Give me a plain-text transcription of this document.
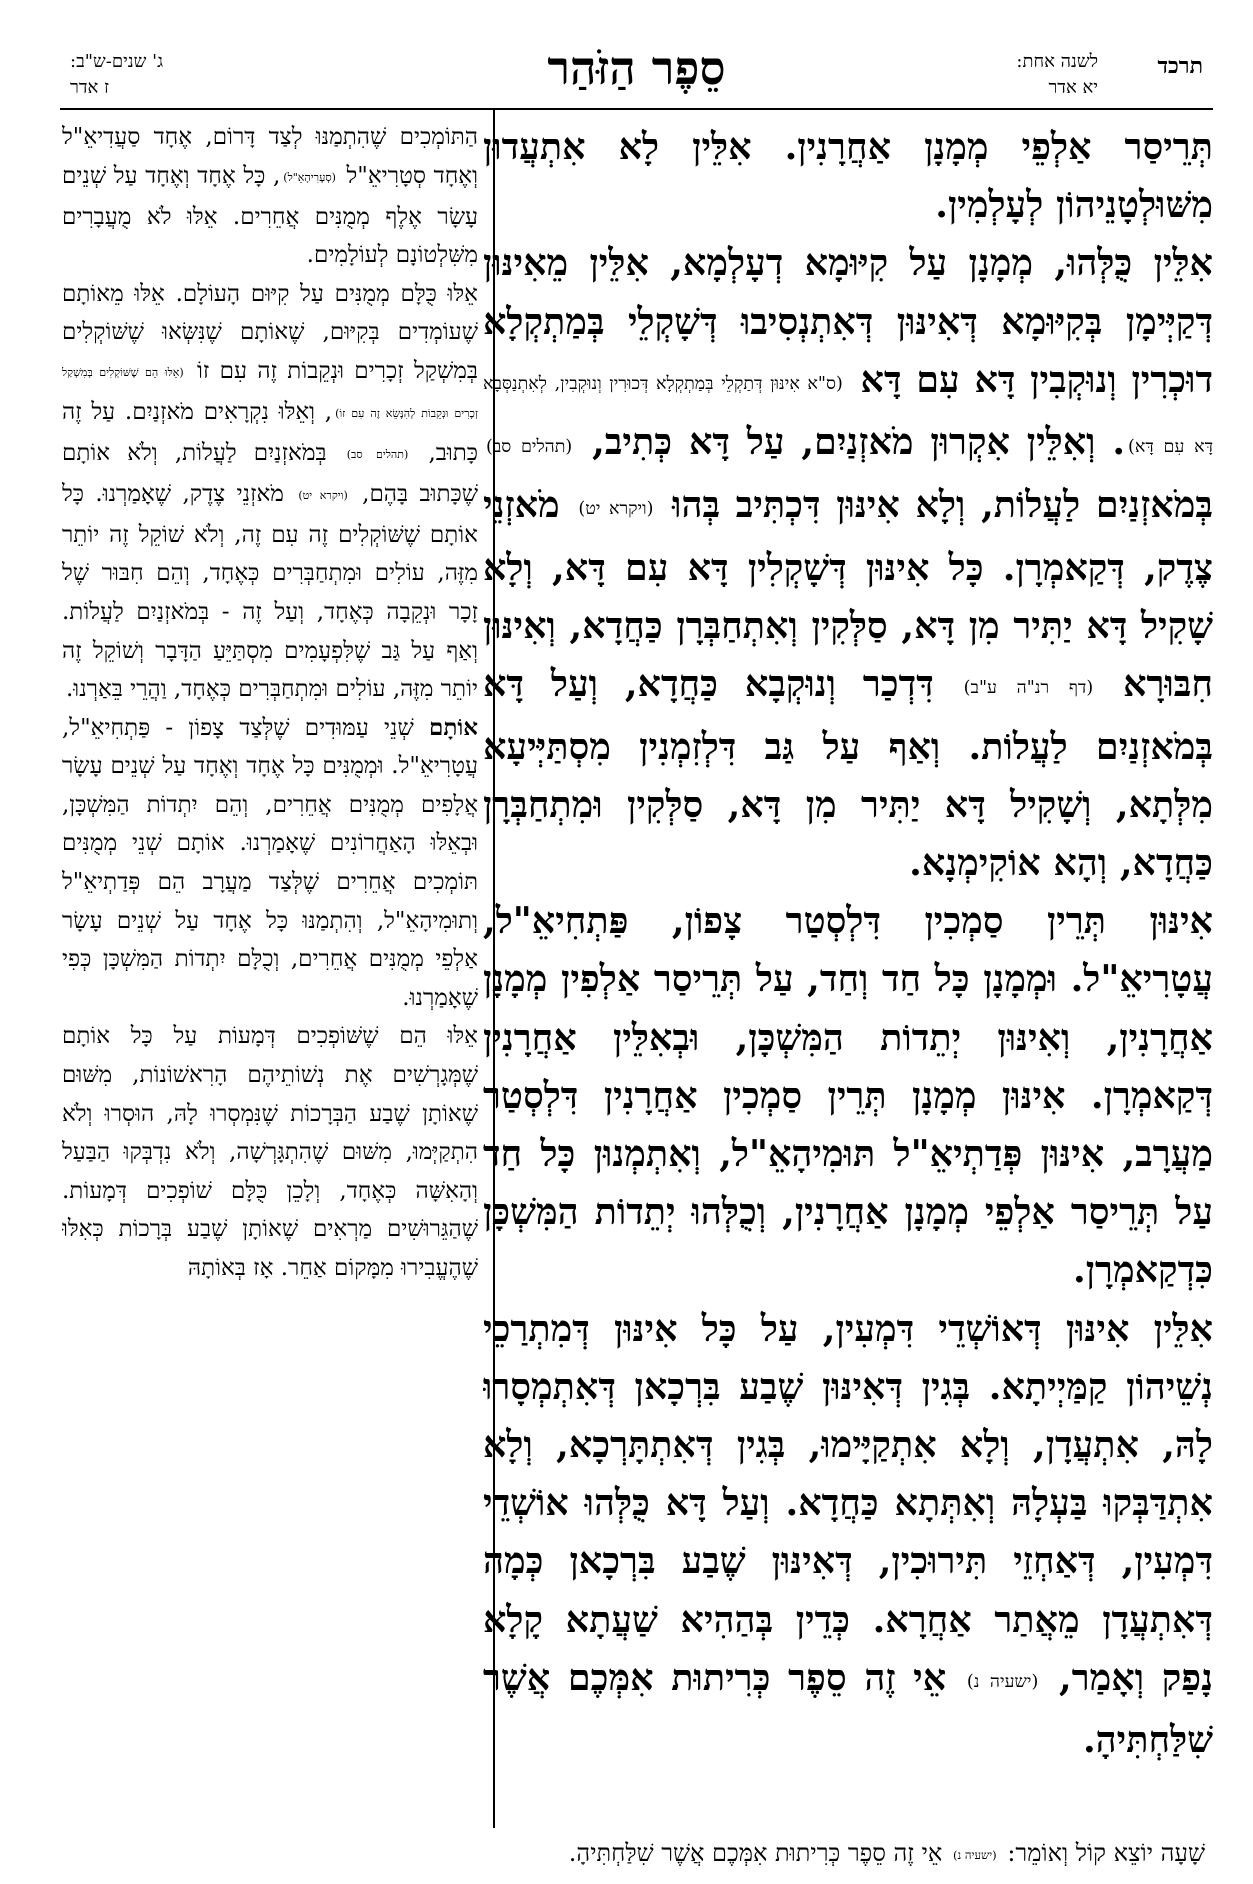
תרכד
לשנה אחת:
יא אדר
סֵפֶר הַזֹּהַר
ג' שנים-ש"ב:
ז אדר

תְּרֵיסַר אַלְפֵי מְמָנָן אַחֲרָנִין. אִלֵּין לָא אִתְעֲדוּן מִשּׁוּלְטָנֵיהוֹן לְעָלְמִין.

אִלֵּין כֻּלְּהוּ, מְמָנָן עַל קִיּוּמָא דְעָלְמָא, אִלֵּין מֵאִינּוּן דְּקַיְּימָן בְּקִיּוּמָא דְּאִינּוּן דְּאִתְנְסִיבוּ דְּשָׁקְלֵי בְּמַתְקְלָא דוּכְרִין וְנוּקְבִין דָּא עִם דָּא (ס"א אִינּוּן דְּתַקְלֵי בְּמַתְקְלָא דְּכוּרִין וְנוּקְבִין, לְאִתְנַסְּבָא דָּא עִם דָּא). וְאִלֵּין אִקְרוּן מֹאזְנַיִם, עַל דָּא כְּתִיב, (תהלים סב) בְּמֹאזְנַיִם לַעֲלוֹת, וְלָא אִינּוּן דִּכְתִּיב בְּהוּ (ויקרא יט) מֹאזְנֵי צֶדֶק, דְּקַאמְרָן. כָּל אִינּוּן דְּשָׁקְלִין דָּא עִם דָּא, וְלָא שָׁקִיל דָּא יַתִּיר מִן דָּא, סַלְּקִין וְאִתְחַבְּרָן כַּחֲדָא, וְאִינּוּן חִבּוּרָא (דף רנ"ה ע"ב) דִּדְכַר וְנוּקְבָא כַּחֲדָא, וְעַל דָּא בְּמֹאזְנַיִם לַעֲלוֹת. וְאַף עַל גַּב דִּלְזִמְנִין מִסְתַּיְּיעָא מִלְּתָא, וְשָׁקִיל דָּא יַתִּיר מִן דָּא, סַלְּקִין וּמִתְחַבְּרָן כַּחֲדָא, וְהָא אוֹקִימְנָא.

אִינּוּן תְּרֵין סַמְכִין דִּלְסְטַר צָפוֹן, פַּתְחִיאֵ"ל, עֲטָרִיאֵ"ל. וּמְמָנָן כָּל חַד וְחַד, עַל תְּרֵיסַר אַלְפִין מְמָנָן אַחֲרָנִין, וְאִינּוּן יְתֵדוֹת הַמִּשְׁכָּן, וּבְאִלֵּין אַחֲרָנִין דְּקַאמְרָן. אִינּוּן מְמָנָן תְּרֵין סַמְכִין אַחֲרָנִין דִּלְסְטַר מַעֲרָב, אִינּוּן פְּדַתְיאֵ"ל תּוּמִיהָאֵ"ל, וְאִתְמְנוּן כָּל חַד עַל תְּרֵיסַר אַלְפֵי מְמָנָן אַחֲרָנִין, וְכֻלְּהוּ יְתֵדוֹת הַמִּשְׁכָּן כִּדְקַאמְרָן.

אִלֵּין אִינּוּן דְּאוֹשְׁדֵי דִּמְעִין, עַל כָּל אִינּוּן דְּמִתְרַכֵי נְשֵׁיהוֹן קַמַּיְיתָא. בְּגִין דְּאִינּוּן שֶׁבַע בִּרְכָאן דְּאִתְמְסָרוּ לָהּ, אִתְעֲדָן, וְלָא אִתְקַיָּימוּ, בְּגִין דְּאִתְתָּרְכָא, וְלָא אִתְדַּבְּקוּ בַּעְלָהּ וְאִתְּתָא כַּחֲדָא. וְעַל דָּא כֻּלְּהוּ אוֹשְׁדֵי דִּמְעִין, דְּאַחְזֵי תִּירוּכִין, דְּאִינּוּן שֶׁבַע בִּרְכָאן כְּמָה דְּאִתְעֲדָן מֵאֲתַר אַחֲרָא. כְּדֵין בְּהַהִיא שַׁעֲתָא קָלָא נָפַק וְאָמַר, (ישעיה נ) אֵי זֶה סֵפֶר כְּרִיתוּת אִמְּכֶם אֲשֶׁר שִׁלַּחְתִּיהָ.

הַתּוֹמְכִים שֶׁהִתְמַנּוּ לְצַד דָּרוֹם, אֶחָד סַעֲדִיאֵ"ל וְאֶחָד סְטָרִיאֵ"ל (סְעָרִיהָאֵ"ל), כָּל אֶחָד וְאֶחָד עַל שְׁנֵים עָשָׂר אֶלֶף מְמֻנִּים אֲחֵרִים. אֵלּוּ לֹא מֻעֲבָרִים מִשִּׁלְטוֹנָם לְעוֹלָמִים.

אֵלּוּ כֻּלָּם מְמֻנִּים עַל קִיּוּם הָעוֹלָם. אֵלּוּ מֵאוֹתָם שֶׁעוֹמְדִים בְּקִיּוּם, שֶׁאוֹתָם שֶׁנִּשְּׂאוּ שֶׁשּׁוֹקְלִים בְּמִשְׁקַל זְכָרִים וּנְקֵבוֹת זֶה עִם זוֹ (אֵלּוּ הֵם שֶׁשּׁוֹקְלִים בְּמִשְׁקַל זְכָרִים וּנְקֵבוֹת לְהִנָּשֵׂא זֶה עִם זוֹ), וְאֵלּוּ נִקְרָאִים מֹאזְנַיִם. עַל זֶה כָּתוּב, (תהלים סב) בְּמֹאזְנַיִם לַעֲלוֹת, וְלֹא אוֹתָם שֶׁכָּתוּב בָּהֶם, (ויקרא יט) מֹאזְנֵי צֶדֶק, שֶׁאָמַרְנוּ. כָּל אוֹתָם שֶׁשּׁוֹקְלִים זֶה עִם זֶה, וְלֹא שׁוֹקֵל זֶה יוֹתֵר מִזֶּה, עוֹלִים וּמִתְחַבְּרִים כְּאֶחָד, וְהֵם חִבּוּר שֶׁל זָכָר וּנְקֵבָה כְּאֶחָד, וְעַל זֶה - בְּמֹאזְנַיִם לַעֲלוֹת. וְאַף עַל גַּב שֶׁלִּפְעָמִים מִסְתַּיֵּעַ הַדָּבָר וְשׁוֹקֵל זֶה יוֹתֵר מִזֶּה, עוֹלִים וּמִתְחַבְּרִים כְּאֶחָד, וַהֲרֵי בֵּאַרְנוּ.

אוֹתָם שְׁנֵי עַמּוּדִים שֶׁלְּצַד צָפוֹן - פַּתְחִיאֵ"ל, עֲטָרִיאֵ"ל. וּמְמֻנִּים כָּל אֶחָד וְאֶחָד עַל שְׁנֵים עָשָׂר אֲלָפִים מְמֻנִּים אֲחֵרִים, וְהֵם יִתְדוֹת הַמִּשְׁכָּן, וּבְאֵלּוּ הָאַחֲרוֹנִים שֶׁאָמַרְנוּ. אוֹתָם שְׁנֵי מְמֻנִּים תּוֹמְכִים אֲחֵרִים שֶׁלְּצַד מַעֲרָב הֵם פְּדַתְיאֵ"ל וְתוּמִיהָאֵ"ל, וְהִתְמַנּוּ כָּל אֶחָד עַל שְׁנֵים עָשָׂר אַלְפֵי מְמֻנִּים אֲחֵרִים, וְכֻלָּם יִתְדוֹת הַמִּשְׁכָּן כְּפִי שֶׁאָמַרְנוּ.

אֵלּוּ הֵם שֶׁשּׁוֹפְכִים דְּמָעוֹת עַל כָּל אוֹתָם שֶׁמְּגָרְשִׁים אֶת נְשׁוֹתֵיהֶם הָרִאשׁוֹנוֹת, מִשּׁוּם שֶׁאוֹתָן שֶׁבַע הַבְּרָכוֹת שֶׁנִּמְסְרוּ לָהּ, הוּסְרוּ וְלֹא הִתְקַיְּמוּ, מִשּׁוּם שֶׁהִתְגָּרְשָׁה, וְלֹא נִדְבְּקוּ הַבַּעַל וְהָאִשָּׁה כְּאֶחָד, וְלָכֵן כֻּלָּם שׁוֹפְכִים דְּמָעוֹת. שֶׁהַגֵּרוּשִׁים מַרְאִים שֶׁאוֹתָן שֶׁבַע בְּרָכוֹת כְּאִלּוּ שֶׁהֶעֱבִירוּ מִמָּקוֹם אַחֵר. אָז בְּאוֹתָהּ

שָׁעָה יוֹצֵא קוֹל וְאוֹמֵר: (ישעיה נ) אֵי זֶה סֵפֶר כְּרִיתוּת אִמְּכֶם אֲשֶׁר שִׁלַּחְתִּיהָ.
